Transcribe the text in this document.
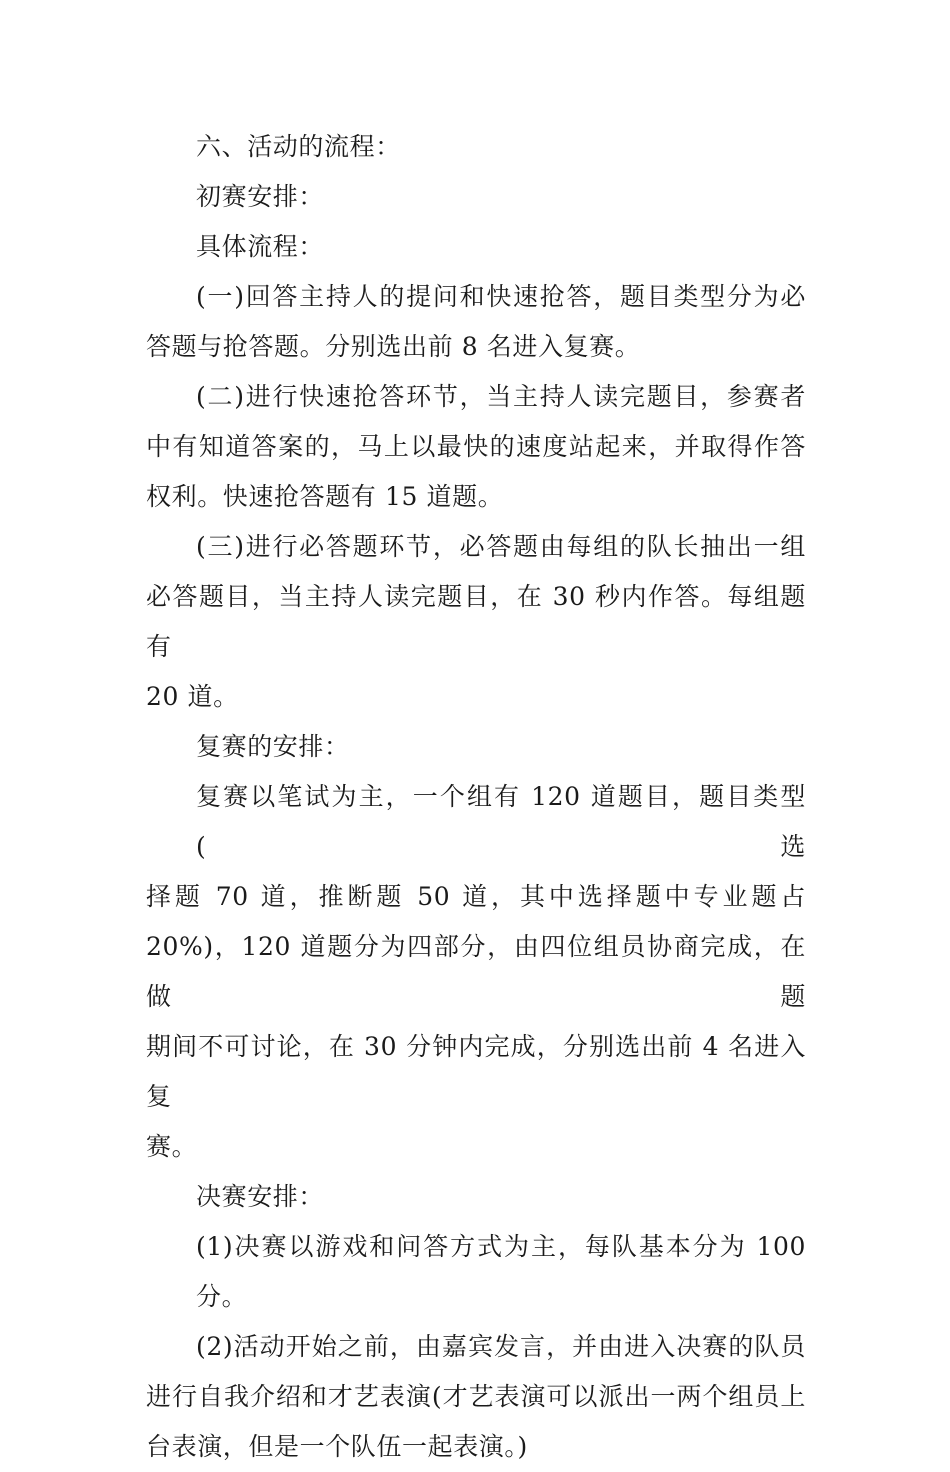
六、活动的流程：
初赛安排：
具体流程：
(一)回答主持人的提问和快速抢答，题目类型分为必
答题与抢答题。分别选出前 8 名进入复赛。
(二)进行快速抢答环节，当主持人读完题目，参赛者
中有知道答案的，马上以最快的速度站起来，并取得作答
权利。快速抢答题有 15 道题。
(三)进行必答题环节，必答题由每组的队长抽出一组
必答题目，当主持人读完题目，在 30 秒内作答。每组题有
20 道。
复赛的安排：
复赛以笔试为主，一个组有 120 道题目，题目类型(选
择题 70 道，推断题 50 道，其中选择题中专业题占
20%)，120 道题分为四部分，由四位组员协商完成，在做题
期间不可讨论，在 30 分钟内完成，分别选出前 4 名进入复
赛。
决赛安排：
(1)决赛以游戏和问答方式为主，每队基本分为 100 分。
(2)活动开始之前，由嘉宾发言，并由进入决赛的队员
进行自我介绍和才艺表演(才艺表演可以派出一两个组员上
台表演，但是一个队伍一起表演。)
